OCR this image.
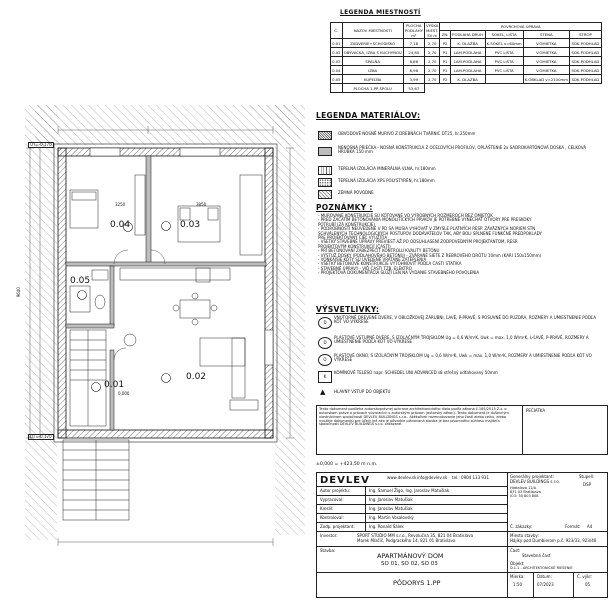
0.04	0.03
0.05
0.01
0.02
3250	3850
9640
0,000
ÚT=-0,170
ÚT=-0,170
LEGENDA MIESTNOSTÍ
Č.	NÁZOV MIESTNOSTI	PLOCHA PODLAHY m²	VÝŠKA MIEST. SV m	POVRCHOVÁ ÚPRAVA				
				ZN.	PODLAHA DRUH	SOKEL, LIŠTA	STENA	STROP
0.01	ZÁDVERIE+SCHODISKO	7,18	2,70	P2	K. DLAŽBA	K.SOKEL v=60mm	V.OMIETKA	SDK.PODHLAD
0.02	OBÝVAČKA, IZBA S KUCHYŇOU	24,80	2,70	P1	LAM.PODLAHA	PVC LIŠTA	V.OMIETKA	SDK.PODHLAD
0.03	SPÁLŇA	8,86	2,70	P1	LAM.PODLAHA	PVC LIŠTA	V.OMIETKA	SDK.PODHLAD
0.04	IZBA	8,96	2,70	P1	LAM.PODLAHA	PVC LIŠTA	V.OMIETKA	SDK.PODHLAD
0.05	KÚPEĽŇA	3,99	2,70	P2	K. DLAŽBA		K.OBKLAD v=2100mm	SDK.PODHLAD
	PLOCHA 1.PP SPOLU	53,67						
LEGENDA MATERIÁLOV:
OBVODOVÉ NOSNÉ MURIVO Z DREBNÁCH TVÁRNIC DT25, hr.250mm
NENOSNÁ PRIEČKA - NOSNÁ KONŠTRUKCIA Z OCEĽOVÝCH PROFILOV, OPLÁŠTENIE 2x SADROKARTÓNOVÁ DOSKA , CELKOVÁ HRÚBKA 150 mm
TEPELNÁ IZOLÁCIA MINERÁLNA VLNA, hr.180mm
TEPELNÁ IZOLÁCIA XPS POLYSTYRÉN, hr.180mm
ZEMNÁ POVODNE
POZNÁMKY :
- MUROVANÉ KONŠTRUKCIE SÚ KÓTOVANÉ VO VÝROBNÝCH ROZMEROCH BEZ OMIETOK
- PRED ZAČATÍM BETÓNOVANIA MONOLITICKÝCH PRVKOV JE POTREBNÉ VYNECHAŤ OTVORY PRE PRESKOKY
POTRUBÍ (ZÁ KONŠTRUKCIE)
- PODROBNOSTI NEUVEDENÉ V PD SA MUSIA VYHOVAŤ V ZMYSLE PLATNÝCH RESP. ZÁVÄZNÝCH NORIEM STN
SCHVÁLENÝCH TECHNOLOGICKÝCH POSTUPOV DODÁVATEĽOV TAK, ABY BOLI SPLNENÉ FUNKČNÉ PREDPOKLADY
PRE PROJEKTOVANÝ CIEĽ VYUŽITIA
- VŠETKY STAVEBNÉ ÚPRAVY PREVIESŤ AŽ PO ODSÚHLASENÍ ZODPOVEDNÝM PROJEKTANTOM, RESP.
PROJEKTOVÝM KONŠTRUKCIÍ (ČASTÍ)
- PRI BETÓNOVANÍ ZABEZPEČIŤ KONTROLU KVALITY BETÓNU
- VÝSTUŽ DOSKY (PODLAHOVÉHO BETÓNU) - ZVÁRANÉ SIETE Z REBROVÉHO DRÔTU 10mm (KARI 150x150mm)
- VONKAJŠIE KÓTY SÚ UVEDENÉ VRÁTANE ZATEPLENIA
- VŠETKY BETÓNOVÉ KONŠTRUKCIE VYTOHNOVIŤ PODĽA ČASTI STATIKA
- STAVEBNÉ ÚPRAVY - VIĎ ČASTI TZB, ELEKTRO
- PROJEKTOVÁ DOKUMENTÁCIA SLÚŽI LEN NA VYDANIE STAVEBNÉHO POVOLENIA
VÝSVETLIVKY:
D
VNÚTORNÉ DREVENÉ DVERE, V OBLOŽKOVEJ ZÁRUBNI, ĽAVÉ, P-PRAVÉ, S-POSUVNÉ DO PÚZDRA, ROZMERY A UMIESTNENIE PODĽA KÓT VO VÝKRESE
D
PLASTOVÉ VSTUPNÉ DVERE, S IZOLAČNÝM TROJSKLOM Ug = 0,6 W/m²K, Uwk = max. 1,0 W/m²K, L-ĽAVÉ, P-PRAVÉ, ROZMERY A UMIESTNENIE PODĽA KÓT VO VÝKRESE
O
PLASTOVÉ OKNO, S IZOLAČNÝM TROJSKLOM Ug = 0,6 W/m²K, Uwk = max. 1,0 W/m²K, ROZMERY A UMIESTNENIE PODĽA KÓT VO VÝKRESE
K
KOMÍNOVÉ TELESO napr. SCHIEDEL UNI ADVANCED s8 střešný odťahovaný 50mm
▲ HLAVNÝ VSTUP DO OBJEKTU
Tento dokument podlieha autorskoprávnej ochrane architektonického diela podľa zákona č.185/2015 Z.z. o autorskom práve a právach súvisiacich s autorským právom (autorský zákon). Tento dokument je duševným vlastníctvom spoločnosti DEVLEV BUILDINGS s.r.o.. Akékoľvek rozmnožovanie jeho častí alebo celku, alebo využitie dokumentu pre účely iné ako je pôvodne plánovaná stavba je bez písomného súhlasu majiteľa spoločnosti DEVLEV BUILDINGS s.r.o. zakázané.
PEČIATKA
±0,000 = +423,50 m n.m.
DEVLEV	www.devlev.sk info@devlev.sk tel.: 0904 133 931	Generálny projektant:
DEVLEV BUILDINGS s.r.o.
Hattalova 12/A
831 03 Bratislava
IČO: 50 803 808
Stupeň:
DSP
Autor projektu:	Ing. Samuel Žigo, Ing. Jaroslav Matušiak
Vypracoval:	Ing. Jaroslav Matušiak
Kreslil:	Ing. Jaroslav Matušiak
Kontroloval:	Ing. Martin Vosalovský
Zodp. projektant:	Ing. Ronald Sálek	Č. zákazky:	Formát: A4
Investor:	SPORT STUDIO MM s.r.o., Revolučná 35, 821 04 Bratislava
Marek Mlačič, Podgrackého 14, 821 01 Bratislava
Miesto stavby:
Hájiky pod Dumbierom p.č. 923/33, 923/40
Stavba:
APARTMÁNOVÝ DOM
SO 01, SO 02, SO 03
Časť:
Stavebná časť
Objekt:
D.1.1 - ARCHITEKTONICKÉ RIEŠENIE
PÔDORYS 1.PP
Mierka:
1:50
Dátum:
07/2023
Č. výkr:
05
